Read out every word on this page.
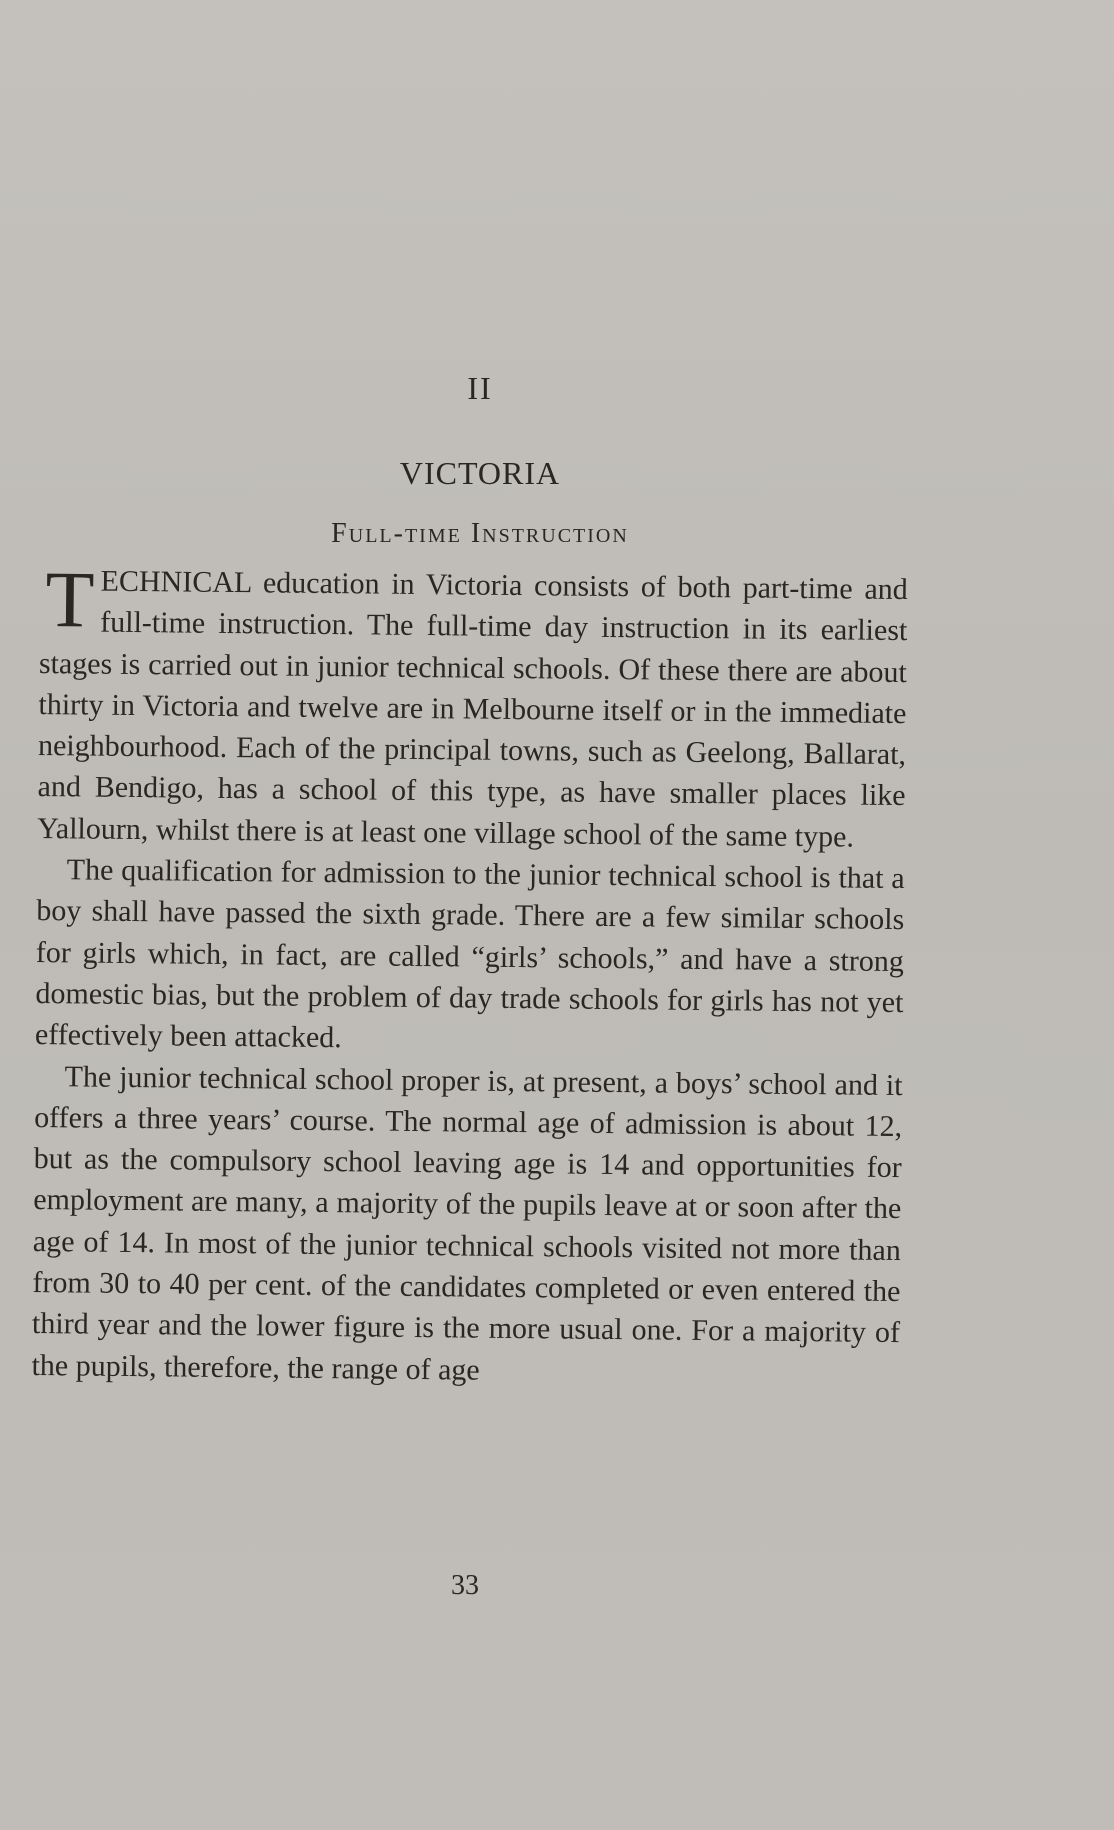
II
VICTORIA
Full-time Instruction

TECHNICAL education in Victoria consists of both part-time and full-time instruction. The full-time day instruction in its earliest stages is carried out in junior technical schools. Of these there are about thirty in Victoria and twelve are in Melbourne itself or in the immediate neighbourhood. Each of the principal towns, such as Geelong, Ballarat, and Bendigo, has a school of this type, as have smaller places like Yallourn, whilst there is at least one village school of the same type.

The qualification for admission to the junior technical school is that a boy shall have passed the sixth grade. There are a few similar schools for girls which, in fact, are called “girls’ schools,” and have a strong domestic bias, but the problem of day trade schools for girls has not yet effectively been attacked.

The junior technical school proper is, at present, a boys’ school and it offers a three years’ course. The normal age of admission is about 12, but as the compulsory school leaving age is 14 and opportunities for employment are many, a majority of the pupils leave at or soon after the age of 14. In most of the junior technical schools visited not more than from 30 to 40 per cent. of the candidates completed or even entered the third year and the lower figure is the more usual one. For a majority of the pupils, therefore, the range of age

33
